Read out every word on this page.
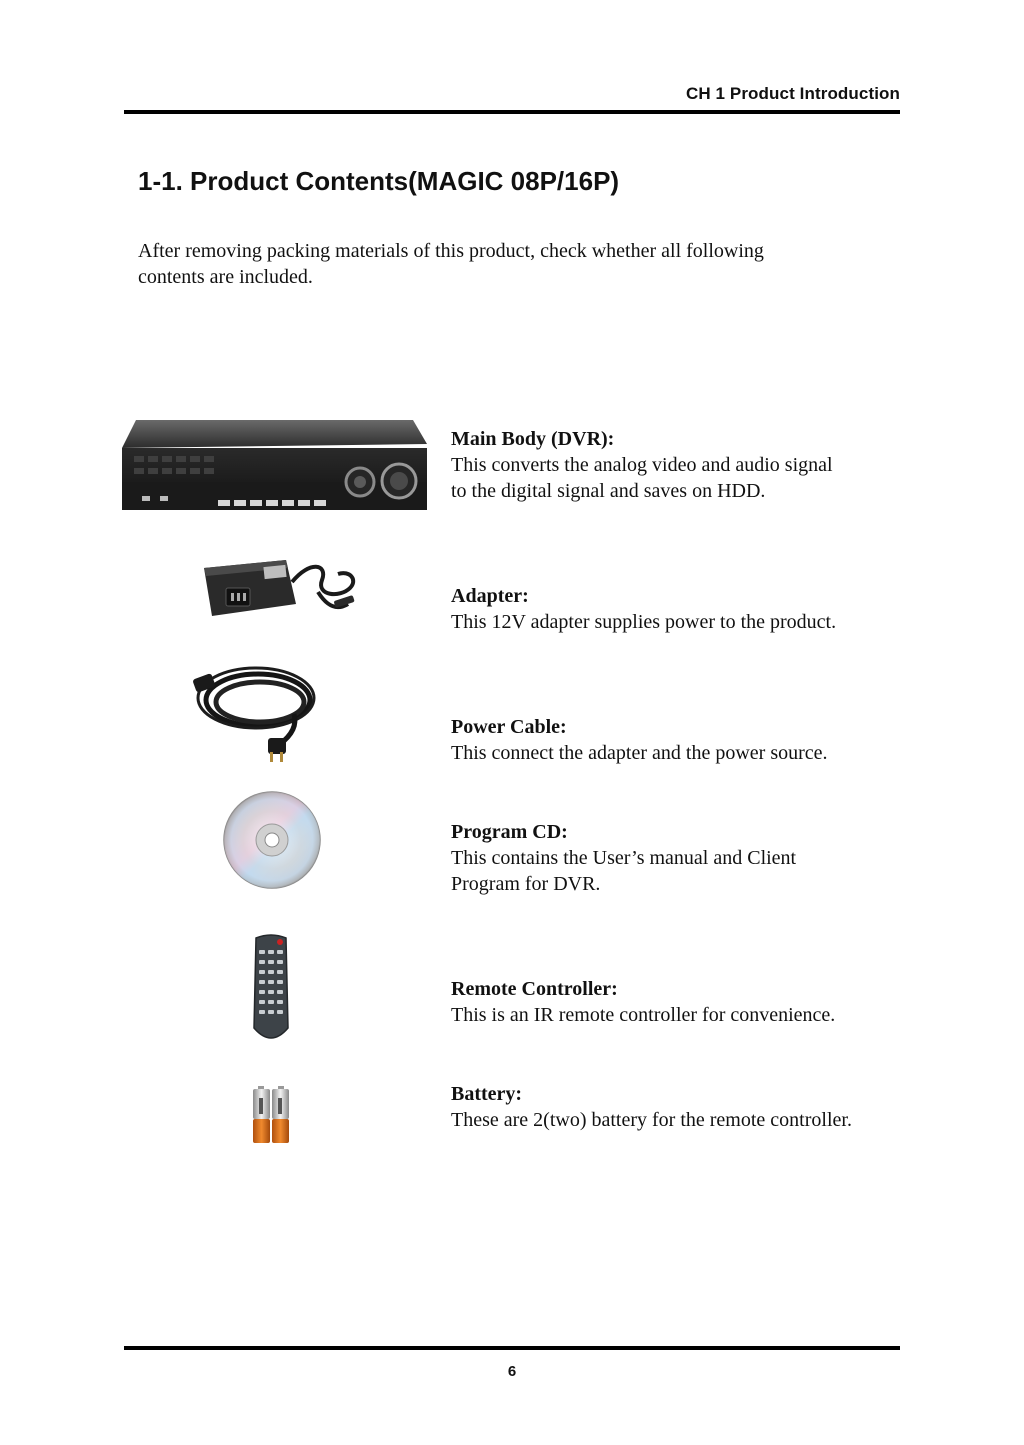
CH 1 Product Introduction
1-1. Product Contents(MAGIC 08P/16P)
After removing packing materials of this product, check whether all following
contents are included.
Main Body (DVR):
This converts the analog video and audio signal
to the digital signal and saves on HDD.
Adapter:
This 12V adapter supplies power to the product.
Power Cable:
This connect the adapter and the power source.
Program CD:
This contains the User’s manual and Client
Program for DVR.
Remote Controller:
This is an IR remote controller for convenience.
Battery:
These are 2(two) battery for the remote controller.
6
